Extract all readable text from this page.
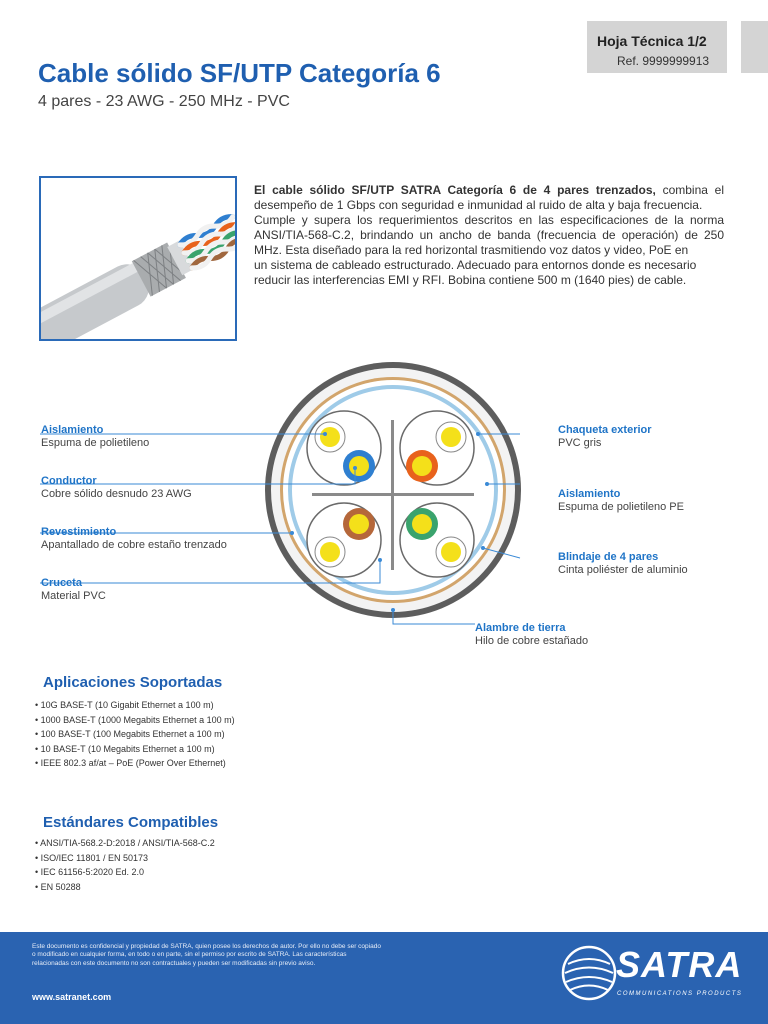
Hoja Técnica 1/2
Ref. 9999999913
Cable sólido SF/UTP Categoría 6
4 pares - 23 AWG - 250 MHz - PVC

El cable sólido SF/UTP SATRA Categoría 6 de 4 pares trenzados, combina el desempeño de 1 Gbps con seguridad e inmunidad al ruido de alta y baja frecuencia.

Cumple y supera los requerimientos descritos en las especificaciones de la norma ANSI/TIA-568-C.2, brindando un ancho de banda (frecuencia de operación) de 250 MHz. Esta diseñado para la red horizontal trasmitiendo voz datos y video, PoE en

un sistema de cableado estructurado. Adecuado para entornos donde es necesario

reducir las interferencias EMI y RFI. Bobina contiene 500 m (1640 pies) de cable.

Aislamiento
Espuma de polietileno
Conductor
Cobre sólido desnudo 23 AWG
Revestimiento
Apantallado de cobre estaño trenzado
Cruceta
Material PVC
Chaqueta exterior
PVC gris
Aislamiento
Espuma de polietileno PE
Blindaje de 4 pares
Cinta poliéster de aluminio
Alambre de tierra
Hilo de cobre estañado
Aplicaciones Soportadas
• 10G BASE-T (10 Gigabit Ethernet a 100 m)
• 1000 BASE-T (1000 Megabits Ethernet a 100 m)
• 100 BASE-T (100 Megabits Ethernet a 100 m)
• 10 BASE-T (10 Megabits Ethernet a 100 m)
• IEEE 802.3 af/at – PoE (Power Over Ethernet)
Estándares Compatibles
• ANSI/TIA-568.2-D:2018 / ANSI/TIA-568-C.2
• ISO/IEC 11801 / EN 50173
• IEC 61156-5:2020 Ed. 2.0
• EN 50288
Este documento es confidencial y propiedad de SATRA, quien posee los derechos de autor. Por ello no debe ser copiado o modificado en cualquier forma, en todo o en parte, sin el permiso por escrito de SATRA. Las características relacionadas con este documento no son contractuales y pueden ser modificadas sin previo aviso.
www.satranet.com
SATRA
COMMUNICATIONS PRODUCTS
